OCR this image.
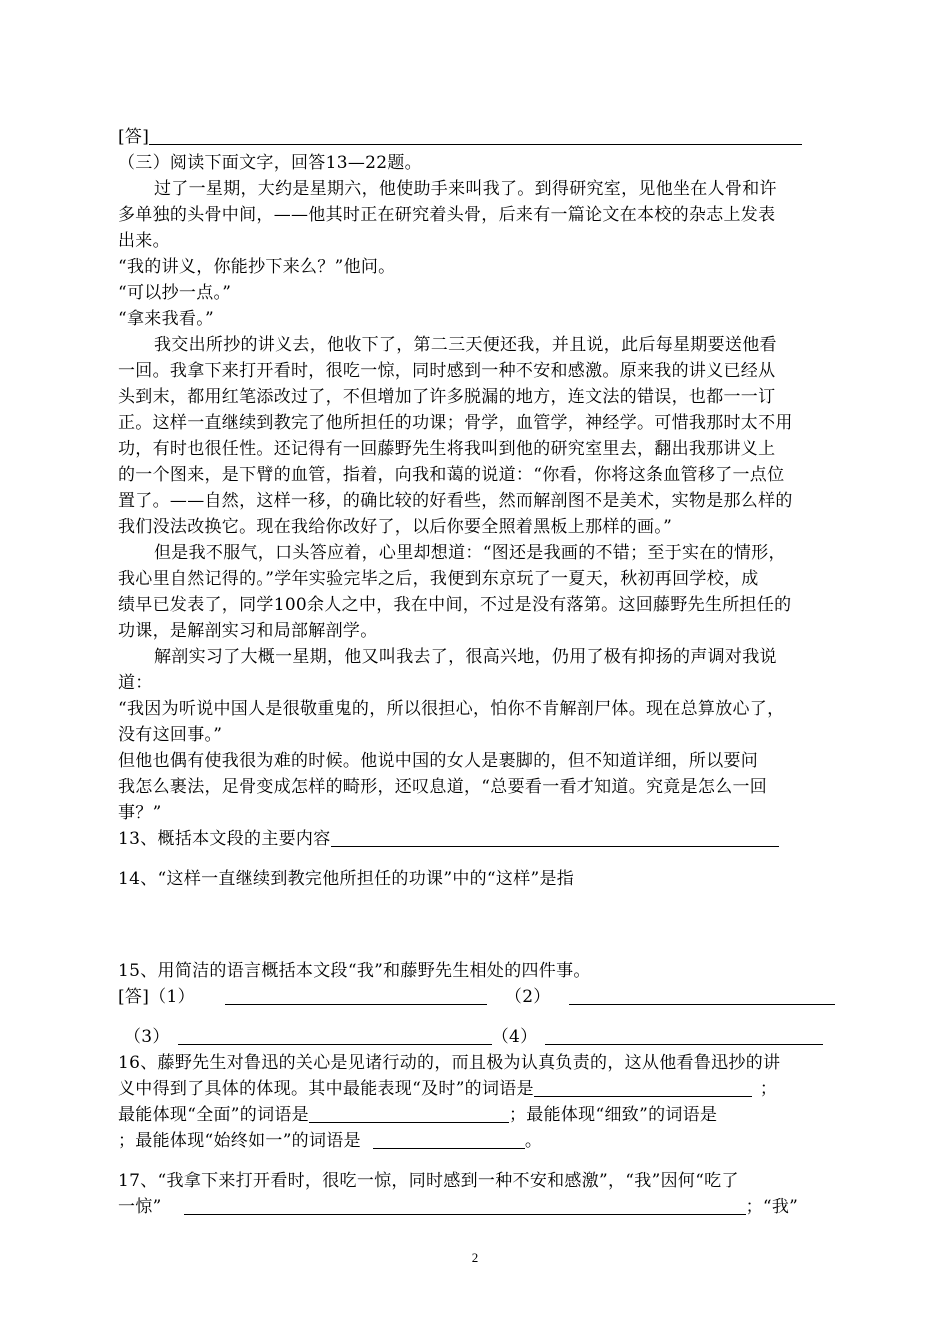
[答]
（三）阅读下面文字，回答13—22题。
过了一星期，大约是星期六，他使助手来叫我了。到得研究室，见他坐在人骨和许
多单独的头骨中间，——他其时正在研究着头骨，后来有一篇论文在本校的杂志上发表
出来。
“我的讲义，你能抄下来么？”他问。
“可以抄一点。”
“拿来我看。”
我交出所抄的讲义去，他收下了，第二三天便还我，并且说，此后每星期要送他看
一回。我拿下来打开看时，很吃一惊，同时感到一种不安和感激。原来我的讲义已经从
头到末，都用红笔添改过了，不但增加了许多脱漏的地方，连文法的错误，也都一一订
正。这样一直继续到教完了他所担任的功课；骨学，血管学，神经学。可惜我那时太不用
功，有时也很任性。还记得有一回藤野先生将我叫到他的研究室里去，翻出我那讲义上
的一个图来，是下臂的血管，指着，向我和蔼的说道：“你看，你将这条血管移了一点位
置了。——自然，这样一移，的确比较的好看些，然而解剖图不是美术，实物是那么样的
我们没法改换它。现在我给你改好了，以后你要全照着黑板上那样的画。”
但是我不服气，口头答应着，心里却想道：“图还是我画的不错；至于实在的情形，
我心里自然记得的。”学年实验完毕之后，我便到东京玩了一夏天，秋初再回学校，成
绩早已发表了，同学100余人之中，我在中间，不过是没有落第。这回藤野先生所担任的
功课，是解剖实习和局部解剖学。
解剖实习了大概一星期，他又叫我去了，很高兴地，仍用了极有抑扬的声调对我说
道：
“我因为听说中国人是很敬重鬼的，所以很担心，怕你不肯解剖尸体。现在总算放心了，
没有这回事。”
但他也偶有使我很为难的时候。他说中国的女人是裹脚的，但不知道详细，所以要问
我怎么裹法，足骨变成怎样的畸形，还叹息道，“总要看一看才知道。究竟是怎么一回
事？”
13、概括本文段的主要内容
14、“这样一直继续到教完他所担任的功课”中的“这样”是指
15、用简洁的语言概括本文段“我”和藤野先生相处的四件事。
[答]（1）	（2）
（3）	（4）
16、藤野先生对鲁迅的关心是见诸行动的，而且极为认真负责的，这从他看鲁迅抄的讲
义中得到了具体的体现。其中最能表现“及时”的词语是	；
最能体现“全面”的词语是	；最能体现“细致”的词语是
；最能体现“始终如一”的词语是	。
17、“我拿下来打开看时，很吃一惊，同时感到一种不安和感激”，“我”因何“吃了
一惊”	；“我”
2
